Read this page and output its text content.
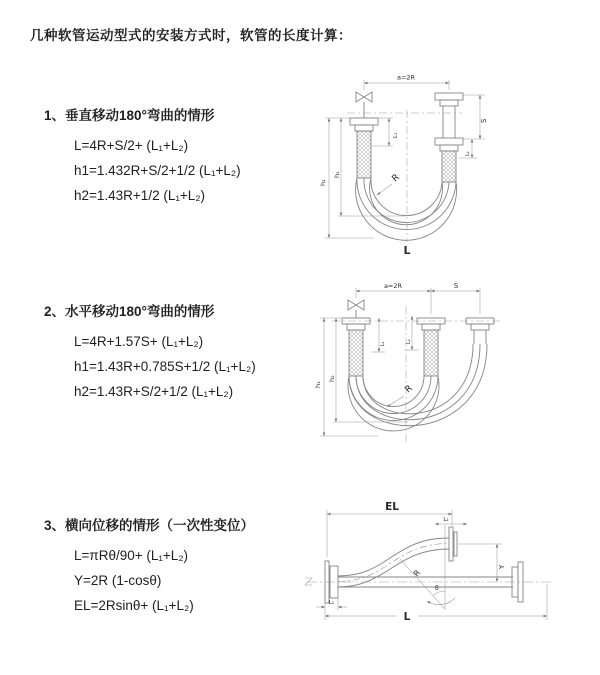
几种软管运动型式的安装方式时，软管的长度计算：
1、垂直移动180°弯曲的情形
L=4R+S/2+ (L₁+L₂)
h1=1.432R+S/2+1/2 (L₁+L₂)
h2=1.43R+1/2 (L₁+L₂)
a=2R
L₁
S
L₂
h₁
h₂	R
L
2、水平移动180°弯曲的情形
L=4R+1.57S+ (L₁+L₂)
h1=1.43R+0.785S+1/2 (L₁+L₂)
h2=1.43R+S/2+1/2 (L₁+L₂)
a=2R	S
L₁	L₂
h₁
h₂
R
3、横向位移的情形（一次性变位）
L=πRθ/90+ (L₁+L₂)
Y=2R (1-cosθ)
EL=2Rsinθ+ (L₁+L₂)
EL
L₂
Y
R
θ
L₁
L
